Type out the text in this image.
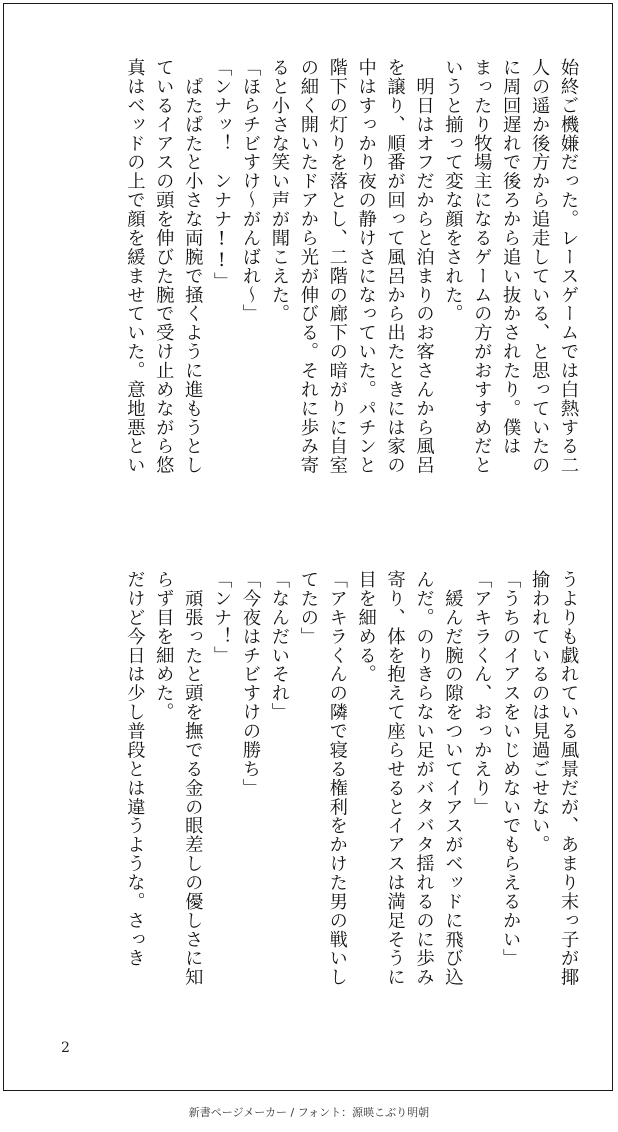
始終ご機嫌だった。レースゲームでは白熱する二
人の遥か後方から追走している、と思っていたの
に周回遅れで後ろから追い抜かされたり。僕は
まったり牧場主になるゲームの方がおすすめだと
いうと揃って変な顔をされた。
　明日はオフだからと泊まりのお客さんから風呂
を譲り、順番が回って風呂から出たときには家の
中はすっかり夜の静けさになっていた。パチンと
階下の灯りを落とし、二階の廊下の暗がりに自室
の細く開いたドアから光が伸びる。それに歩み寄
ると小さな笑い声が聞こえた。
「ほらチビすけ〜がんばれ〜」
「ンナッ！　ンナナ!!」
　ぱたぱたと小さな両腕で掻くように進もうとし
ているイアスの頭を伸びた腕で受け止めながら悠
真はベッドの上で顔を緩ませていた。意地悪とい
うよりも戯れている風景だが、あまり末っ子が揶
揄われているのは見過ごせない。
「うちのイアスをいじめないでもらえるかい」
「アキラくん、おっかえり」
　緩んだ腕の隙をついてイアスがベッドに飛び込
んだ。のりきらない足がバタバタ揺れるのに歩み
寄り、体を抱えて座らせるとイアスは満足そうに
目を細める。
「アキラくんの隣で寝る権利をかけた男の戦いし
てたの」
「なんだいそれ」
「今夜はチビすけの勝ち」
「ンナ！」
　頑張ったと頭を撫でる金の眼差しの優しさに知
らず目を細めた。
だけど今日は少し普段とは違うような。さっき
2
新書ページメーカー / フォント：源暎こぶり明朝
